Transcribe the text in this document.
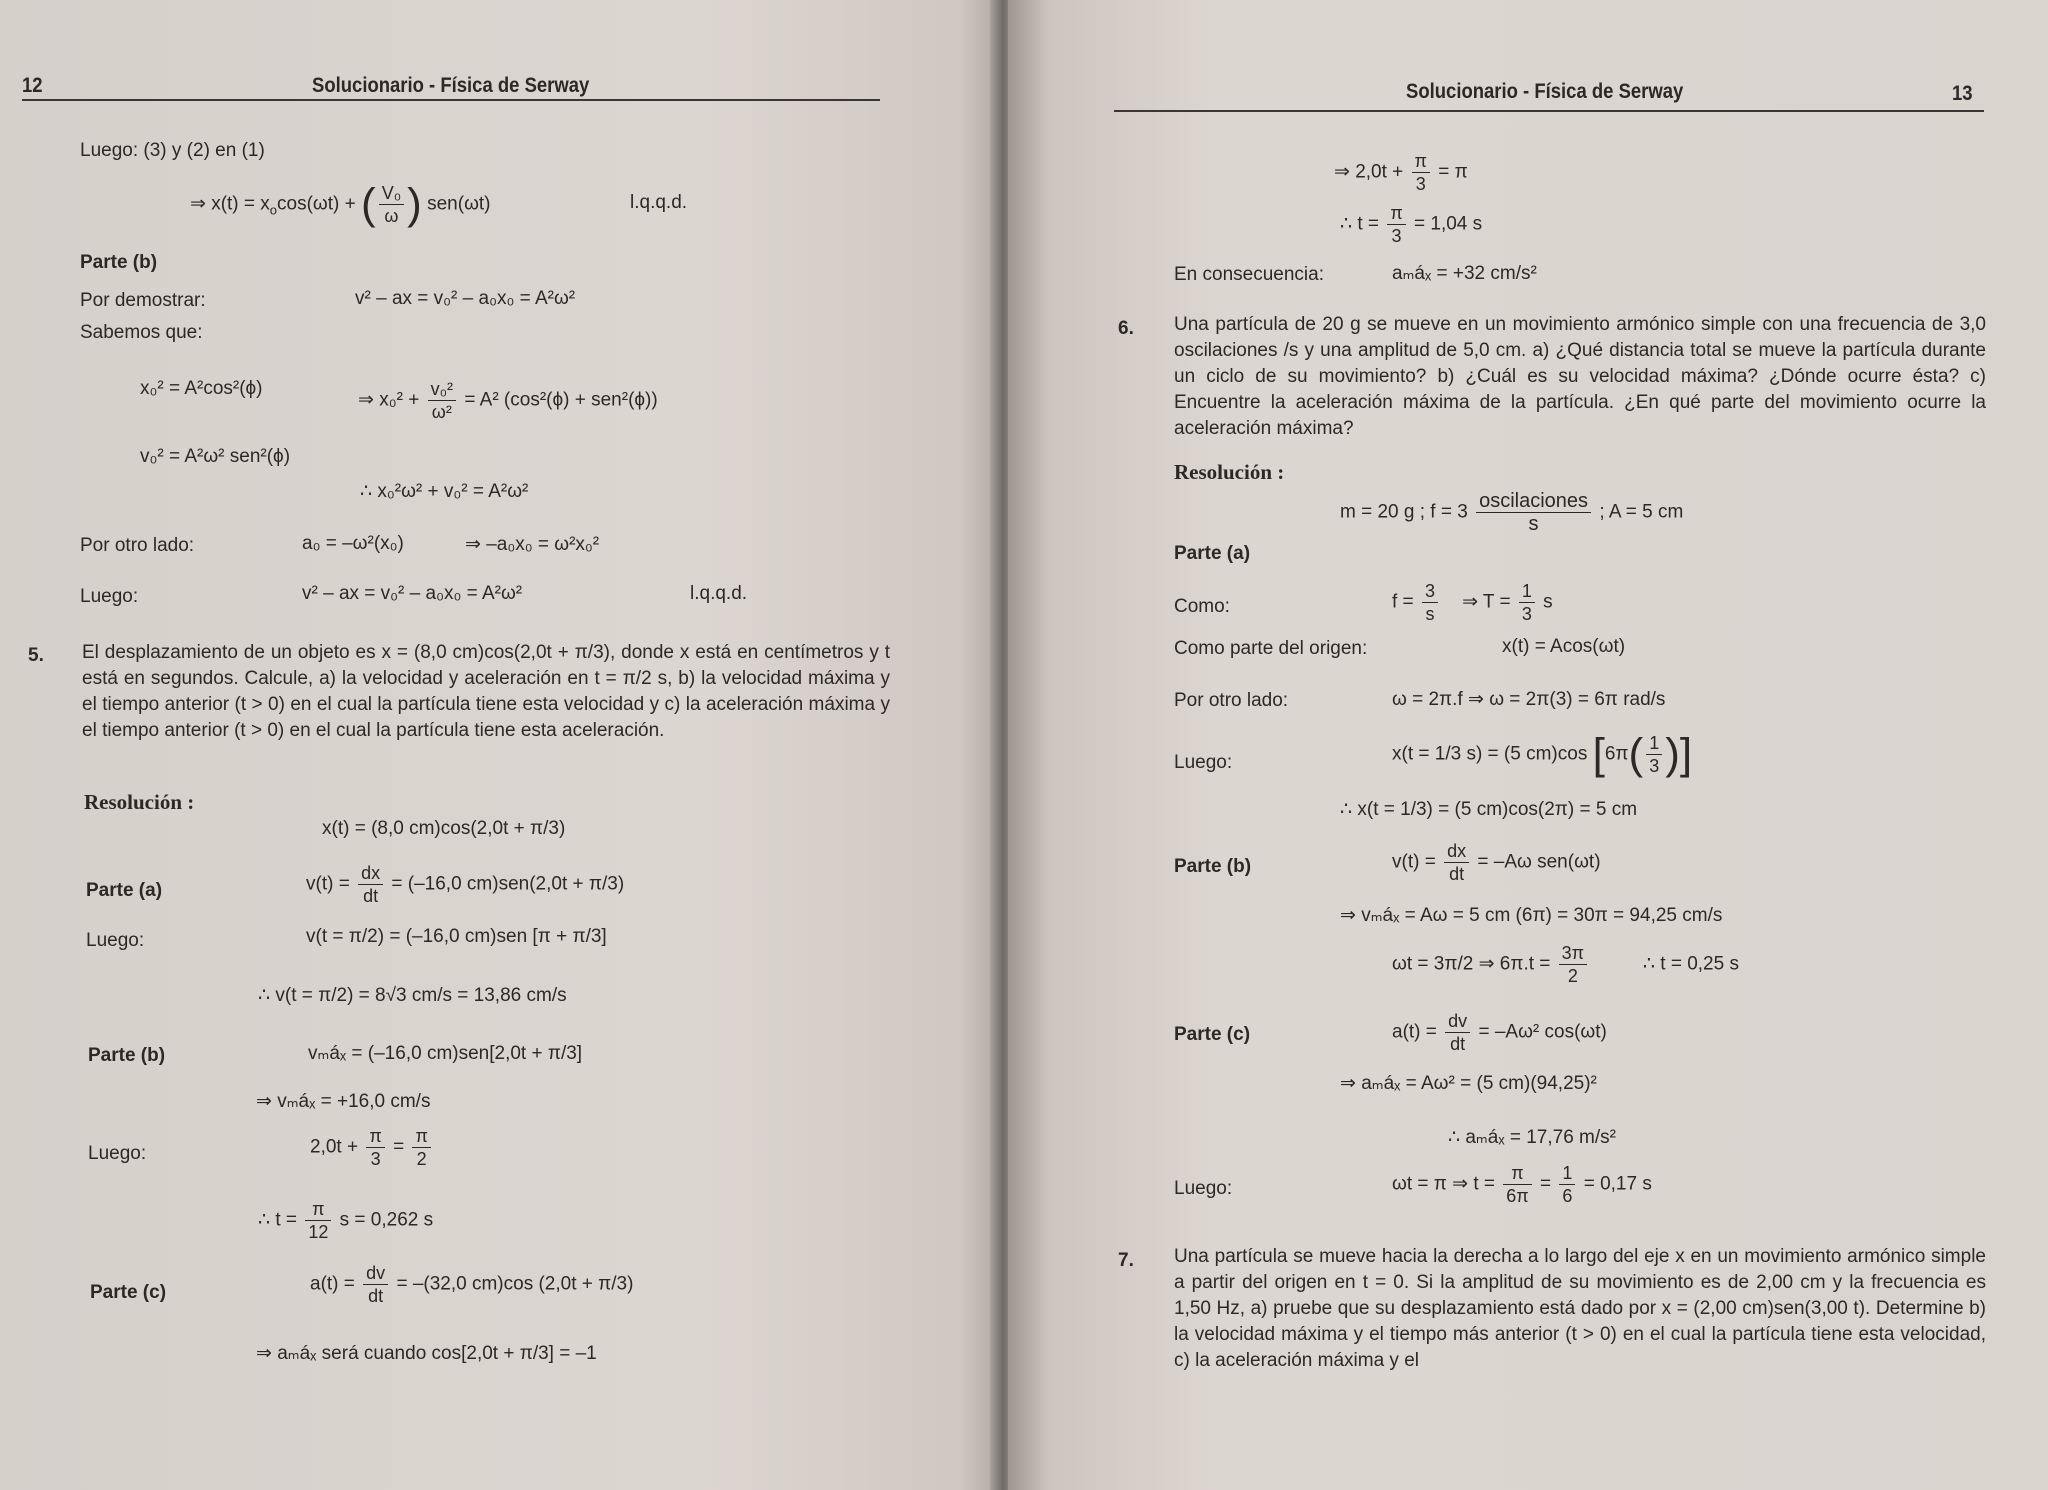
12	Solucionario - Física de Serway
Luego: (3) y (2) en (1)
⇒ $x(t) = x_o\cos(\omega t)$ + ( $\frac{\text{V₀}}{\omega}$ ) sen(ωt)	l.q.q.d.
Parte (b)
Por demostrar:	v² – ax = v₀² – a₀x₀ = A²ω²
Sabemos que:
x₀² = A²cos²(ϕ)
⇒ $x_0^2 + \frac{\text{v₀²}}{\text{ω²}} = A^2$ (cos²(ϕ) + sen²(ϕ))
v₀² = A²ω² sen²(ϕ)
∴ x₀²ω² + v₀² = A²ω²
Por otro lado:	a₀ = –ω²(x₀)	⇒ –a₀x₀ = ω²x₀²
Luego:	v² – ax = v₀² – a₀x₀ = A²ω²	l.q.q.d.
5. El desplazamiento de un objeto es x = (8,0 cm)cos(2,0t + π/3), donde x está en centímetros y t está en segundos. Calcule, a) la velocidad y aceleración en t = π/2 s, b) la velocidad máxima y el tiempo anterior (t > 0) en el cual la partícula tiene esta velocidad y c) la aceleración máxima y el tiempo anterior (t > 0) en el cual la partícula tiene esta aceleración.
Resolución :
x(t) = (8,0 cm)cos(2,0t + π/3)
Parte (a)	$v(t) = \frac{dx}{dt} = (-16,0$ cm)sen(2,0t + π/3)
Luego:	v(t = π/2) = (–16,0 cm)sen [π + π/3]
∴ v(t = π/2) = 8√3 cm/s = 13,86 cm/s
Parte (b)	vₘáₓ = (–16,0 cm)sen[2,0t + π/3]
⇒ vₘáₓ = +16,0 cm/s
Luego:	$2,0t + \frac{\pi}{3} = \frac{\pi}{2}$
∴ $t = \frac{\pi}{12}$ s = 0,262 s
Parte (c)	$a(t) = \frac{dv}{dt} = -(32,0$ cm)cos (2,0t + π/3)
⇒ aₘáₓ será cuando cos[2,0t + π/3] = –1
Solucionario - Física de Serway	13
⇒ $2,0t + \frac{\pi}{3} = \pi$
∴ $t = \frac{\pi}{3} = 1,04$ s
En consecuencia:	aₘáₓ = +32 cm/s²
6. Una partícula de 20 g se mueve en un movimiento armónico simple con una frecuencia de 3,0 oscilaciones /s y una amplitud de 5,0 cm. a) ¿Qué distancia total se mueve la partícula durante un ciclo de su movimiento? b) ¿Cuál es su velocidad máxima? ¿Dónde ocurre ésta? c) Encuentre la aceleración máxima de la partícula. ¿En qué parte del movimiento ocurre la aceleración máxima?
Resolución :
m = 20 g ; $f = 3 \frac{\text{oscilaciones}}{s}$ ; A = 5 cm
Parte (a)
Como:	$f = \frac{3}{s}$ ⇒ $T = \frac{1}{3}$ s
Como parte del origen:	x(t) = Acos(ωt)
Por otro lado:	ω = 2π.f ⇒ ω = 2π(3) = 6π rad/s
Luego:	x(t = 1/3 s) = (5 cm)cos [$6\pi( \frac{1}{3}$ )]
∴ x(t = 1/3) = (5 cm)cos(2π) = 5 cm
Parte (b)	$v(t) = \frac{dx}{dt} = -A\omega$ sen(ωt)
⇒ vₘáₓ = Aω = 5 cm (6π) = 30π = 94,25 cm/s
ωt = 3π/2 ⇒ $6\pi.t = \frac{3\pi}{2}$	∴ t = 0,25 s
Parte (c)	$a(t) = \frac{dv}{dt} = -A\omega^2$ cos(ωt)
⇒ aₘáₓ = Aω² = (5 cm)(94,25)²
∴ aₘáₓ = 17,76 m/s²
Luego:	ωt = π ⇒ $t = \frac{\pi}{6\pi} = \frac{1}{6} = 0,17$ s
7. Una partícula se mueve hacia la derecha a lo largo del eje x en un movimiento armónico simple a partir del origen en t = 0. Si la amplitud de su movimiento es de 2,00 cm y la frecuencia es 1,50 Hz, a) pruebe que su desplazamiento está dado por x = (2,00 cm)sen(3,00 t). Determine b) la velocidad máxima y el tiempo más anterior (t > 0) en el cual la partícula tiene esta velocidad, c) la aceleración máxima y el
